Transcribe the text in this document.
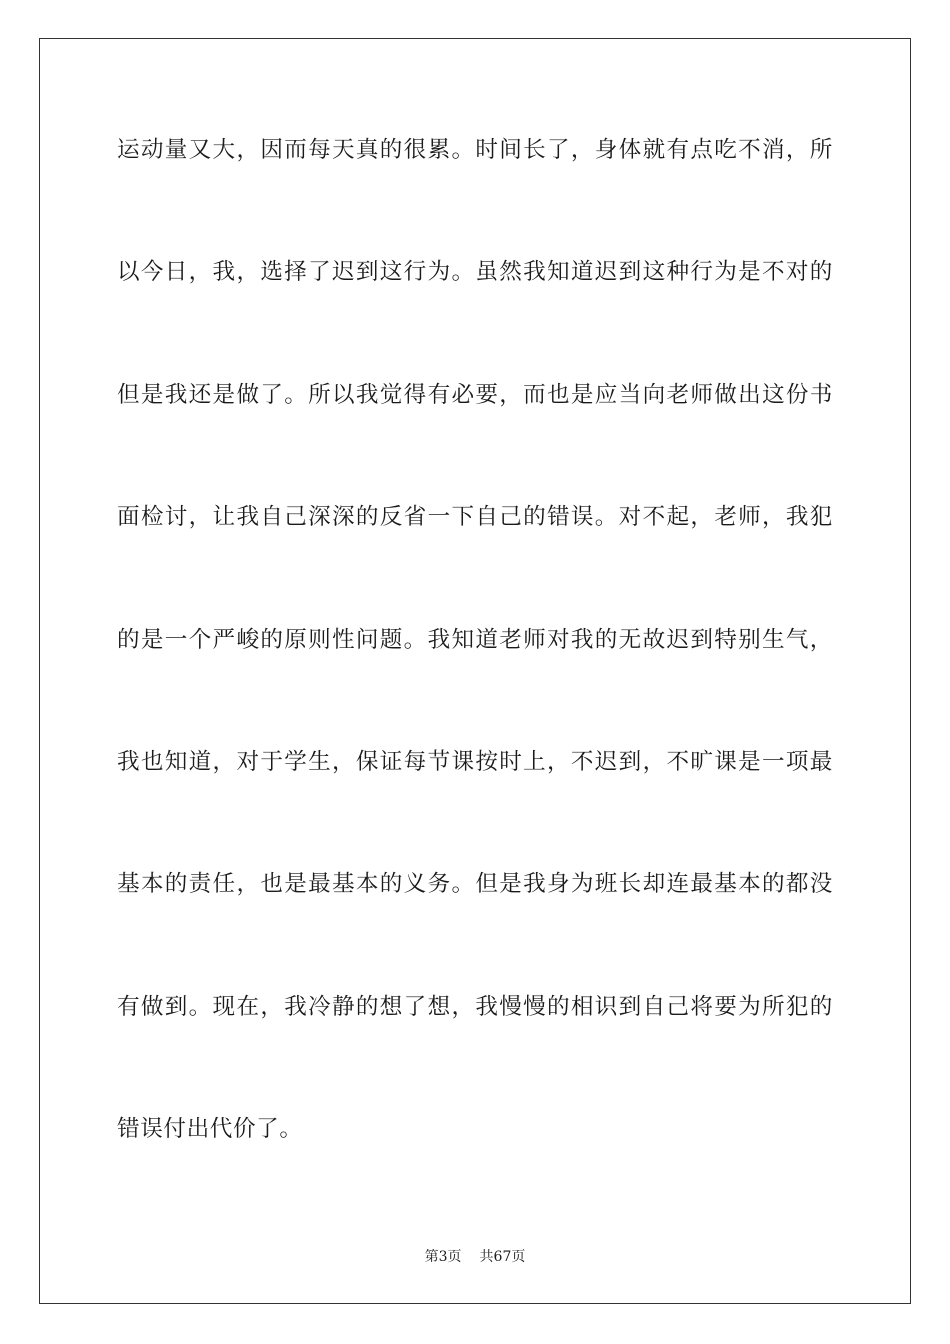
运动量又大，因而每天真的很累。时间长了，身体就有点吃不消，所
以今日，我，选择了迟到这行为。虽然我知道迟到这种行为是不对的
但是我还是做了。所以我觉得有必要，而也是应当向老师做出这份书
面检讨，让我自己深深的反省一下自己的错误。对不起，老师，我犯
的是一个严峻的原则性问题。我知道老师对我的无故迟到特别生气，
我也知道，对于学生，保证每节课按时上，不迟到，不旷课是一项最
基本的责任，也是最基本的义务。但是我身为班长却连最基本的都没
有做到。现在，我冷静的想了想，我慢慢的相识到自己将要为所犯的
错误付出代价了。
第3页 共67页
